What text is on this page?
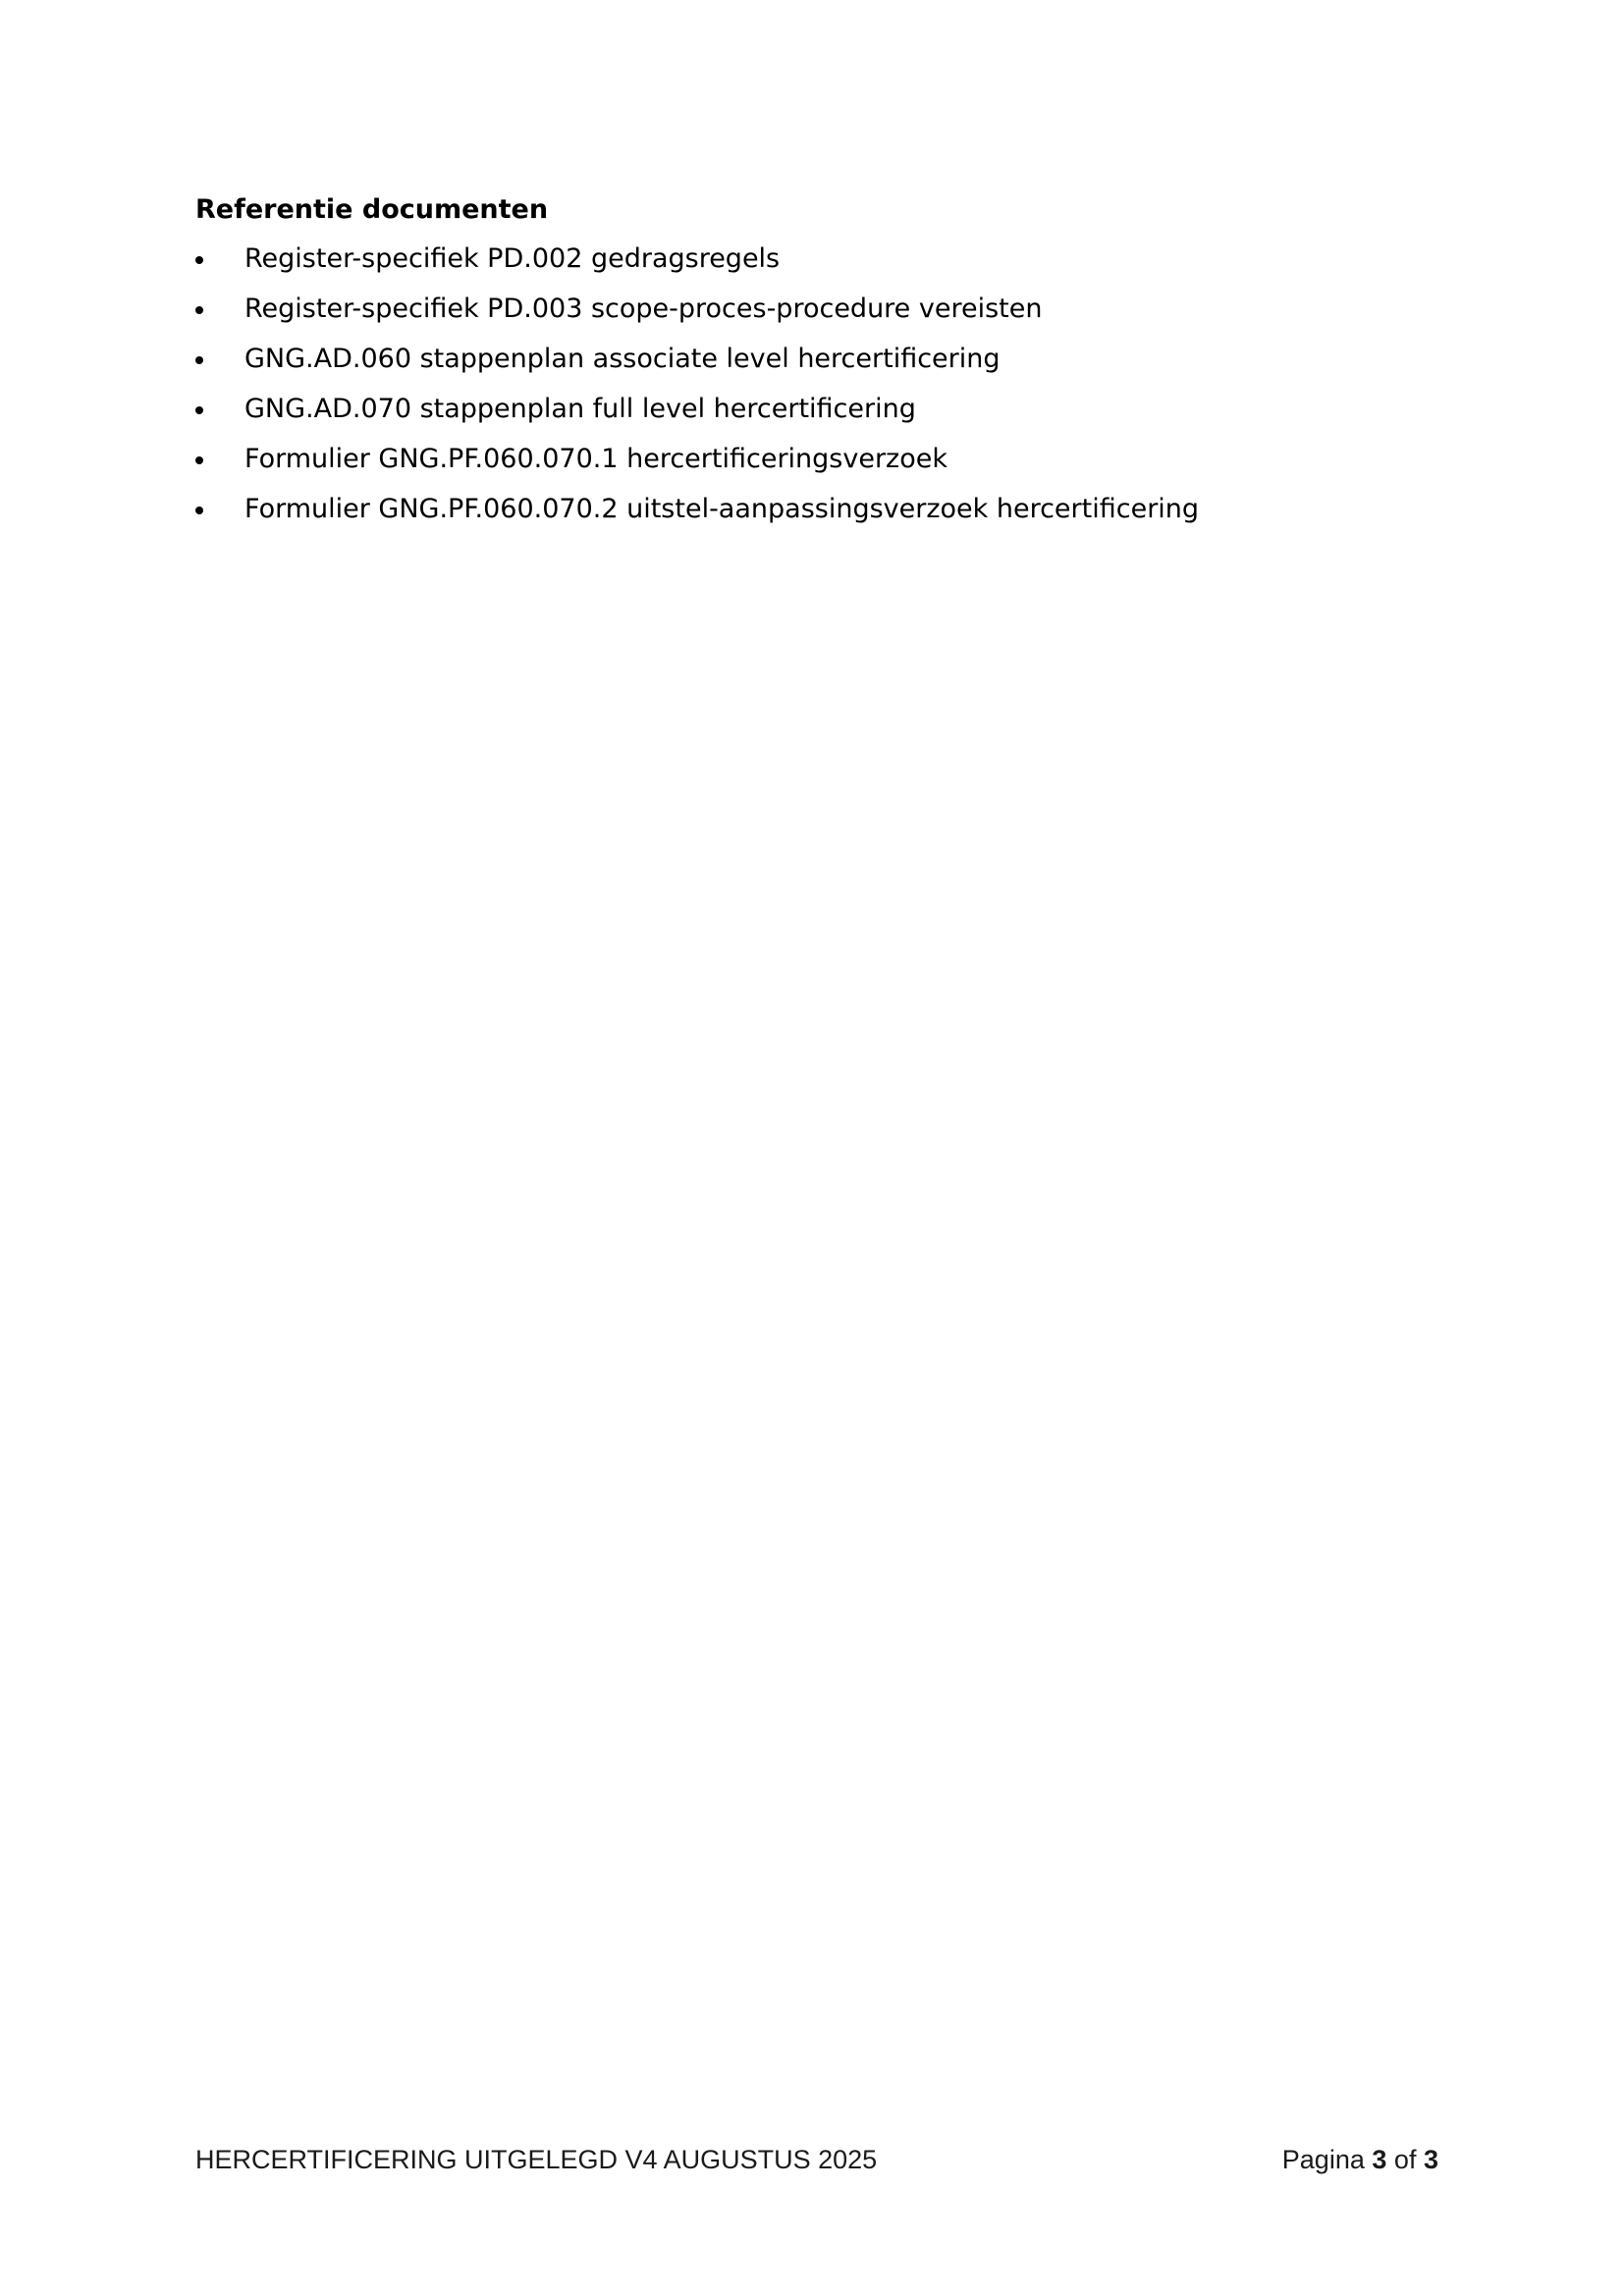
Referentie documenten
Register-specifiek PD.002 gedragsregels
Register-specifiek PD.003 scope-proces-procedure vereisten
GNG.AD.060 stappenplan associate level hercertificering
GNG.AD.070 stappenplan full level hercertificering
Formulier GNG.PF.060.070.1 hercertificeringsverzoek
Formulier GNG.PF.060.070.2 uitstel-aanpassingsverzoek hercertificering
HERCERTIFICERING UITGELEGD V4 AUGUSTUS 2025	Pagina 3 of 3
